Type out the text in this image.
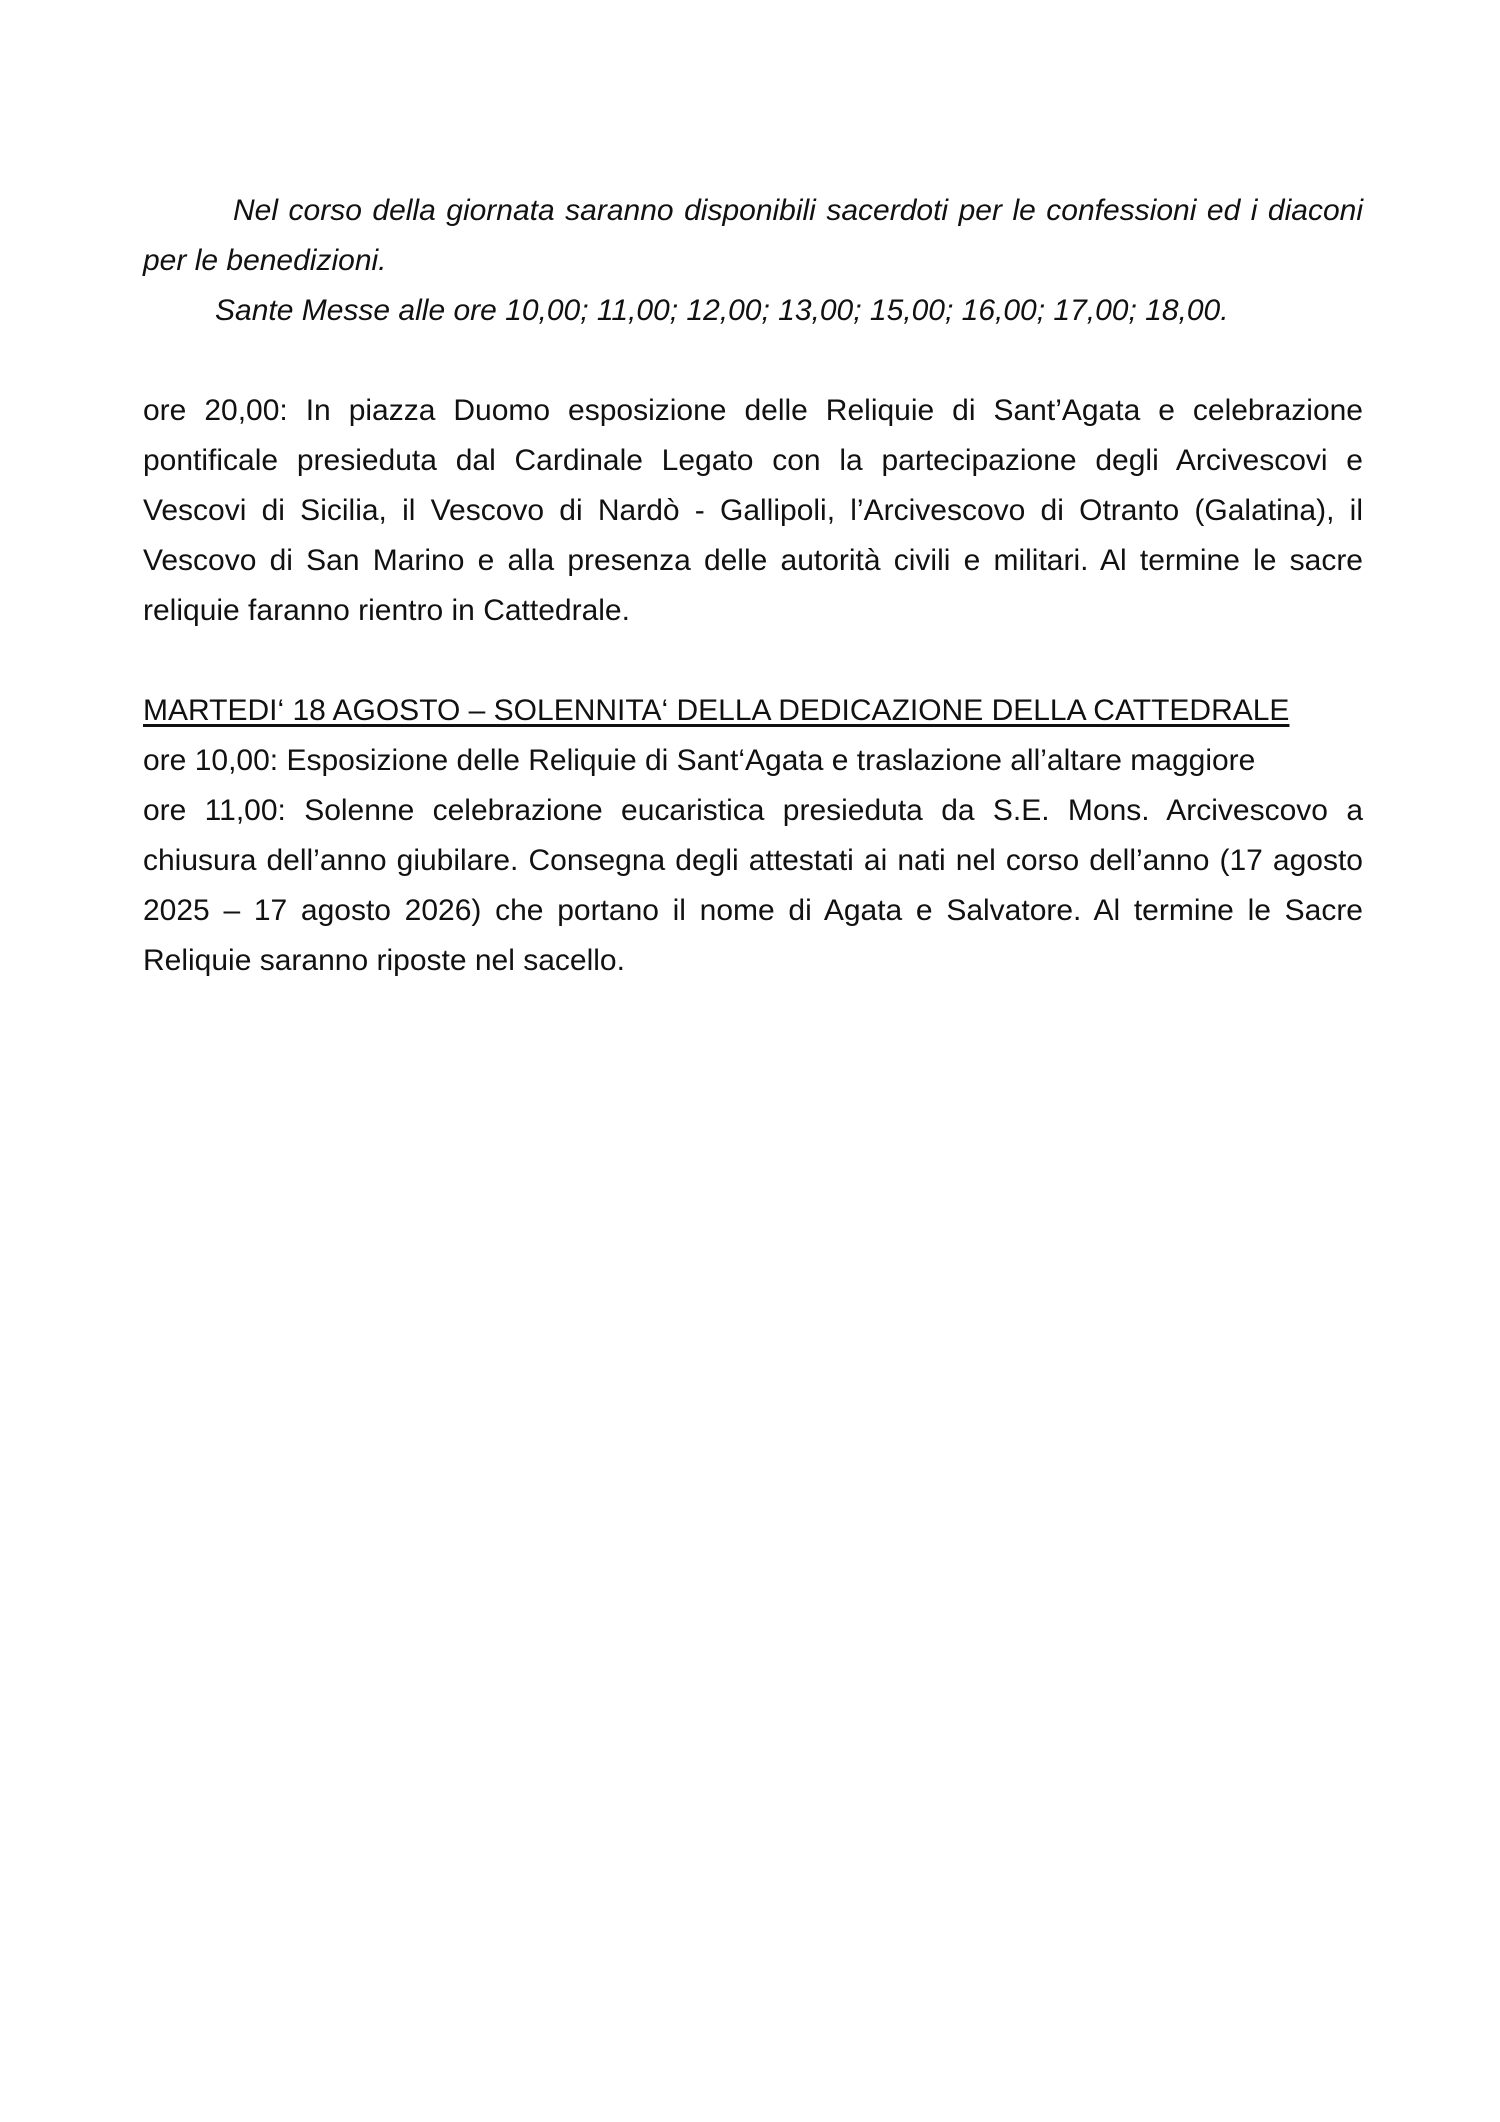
Nel corso della giornata saranno disponibili sacerdoti per le confessioni ed i diaconi per le benedizioni.

Sante Messe alle ore 10,00; 11,00; 12,00; 13,00; 15,00; 16,00; 17,00; 18,00.

ore 20,00: In piazza Duomo esposizione delle Reliquie di Sant’Agata e celebrazione pontificale presieduta dal Cardinale Legato con la partecipazione degli Arcivescovi e Vescovi di Sicilia, il Vescovo di Nardò - Gallipoli, l’Arcivescovo di Otranto (Galatina), il Vescovo di San Marino e alla presenza delle autorità civili e militari. Al termine le sacre reliquie faranno rientro in Cattedrale.

MARTEDI‘ 18 AGOSTO – SOLENNITA‘ DELLA DEDICAZIONE DELLA CATTEDRALE

ore 10,00: Esposizione delle Reliquie di Sant‘Agata e traslazione all’altare maggiore

ore 11,00: Solenne celebrazione eucaristica presieduta da S.E. Mons. Arcivescovo a chiusura dell’anno giubilare. Consegna degli attestati ai nati nel corso dell’anno (17 agosto 2025 – 17 agosto 2026) che portano il nome di Agata e Salvatore. Al termine le Sacre Reliquie saranno riposte nel sacello.
